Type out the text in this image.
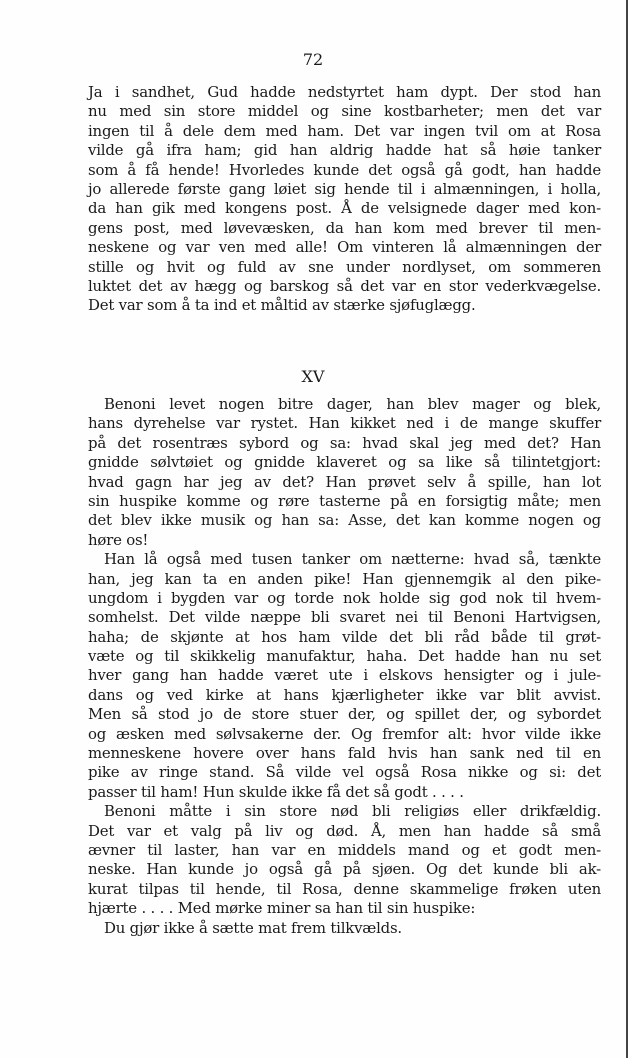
72
Ja i sandhet, Gud hadde nedstyrtet ham dypt. Der stod han
nu med sin store middel og sine kostbarheter; men det var
ingen til å dele dem med ham. Det var ingen tvil om at Rosa
vilde gå ifra ham; gid han aldrig hadde hat så høie tanker
som å få hende! Hvorledes kunde det også gå godt, han hadde
jo allerede første gang løiet sig hende til i almænningen, i holla,
da han gik med kongens post. Å de velsignede dager med kon-
gens post, med løvevæsken, da han kom med brever til men-
neskene og var ven med alle! Om vinteren lå almænningen der
stille og hvit og fuld av sne under nordlyset, om sommeren
luktet det av hægg og barskog så det var en stor vederkvægelse.
Det var som å ta ind et måltid av stærke sjøfuglægg.
XV
Benoni levet nogen bitre dager, han blev mager og blek,
hans dyrehelse var rystet. Han kikket ned i de mange skuffer
på det rosentræs sybord og sa: hvad skal jeg med det? Han
gnidde sølvtøiet og gnidde klaveret og sa like så tilintetgjort:
hvad gagn har jeg av det? Han prøvet selv å spille, han lot
sin huspike komme og røre tasterne på en forsigtig måte; men
det blev ikke musik og han sa: Asse, det kan komme nogen og
høre os!
Han lå også med tusen tanker om nætterne: hvad så, tænkte
han, jeg kan ta en anden pike! Han gjennemgik al den pike-
ungdom i bygden var og torde nok holde sig god nok til hvem-
somhelst. Det vilde næppe bli svaret nei til Benoni Hartvigsen,
haha; de skjønte at hos ham vilde det bli råd både til grøt-
væte og til skikkelig manufaktur, haha. Det hadde han nu set
hver gang han hadde været ute i elskovs hensigter og i jule-
dans og ved kirke at hans kjærligheter ikke var blit avvist.
Men så stod jo de store stuer der, og spillet der, og sybordet
og æsken med sølvsakerne der. Og fremfor alt: hvor vilde ikke
menneskene hovere over hans fald hvis han sank ned til en
pike av ringe stand. Så vilde vel også Rosa nikke og si: det
passer til ham! Hun skulde ikke få det så godt . . . .
Benoni måtte i sin store nød bli religiøs eller drikfældig.
Det var et valg på liv og død. Å, men han hadde så små
ævner til laster, han var en middels mand og et godt men-
neske. Han kunde jo også gå på sjøen. Og det kunde bli ak-
kurat tilpas til hende, til Rosa, denne skammelige frøken uten
hjærte . . . . Med mørke miner sa han til sin huspike:
Du gjør ikke å sætte mat frem tilkvælds.
